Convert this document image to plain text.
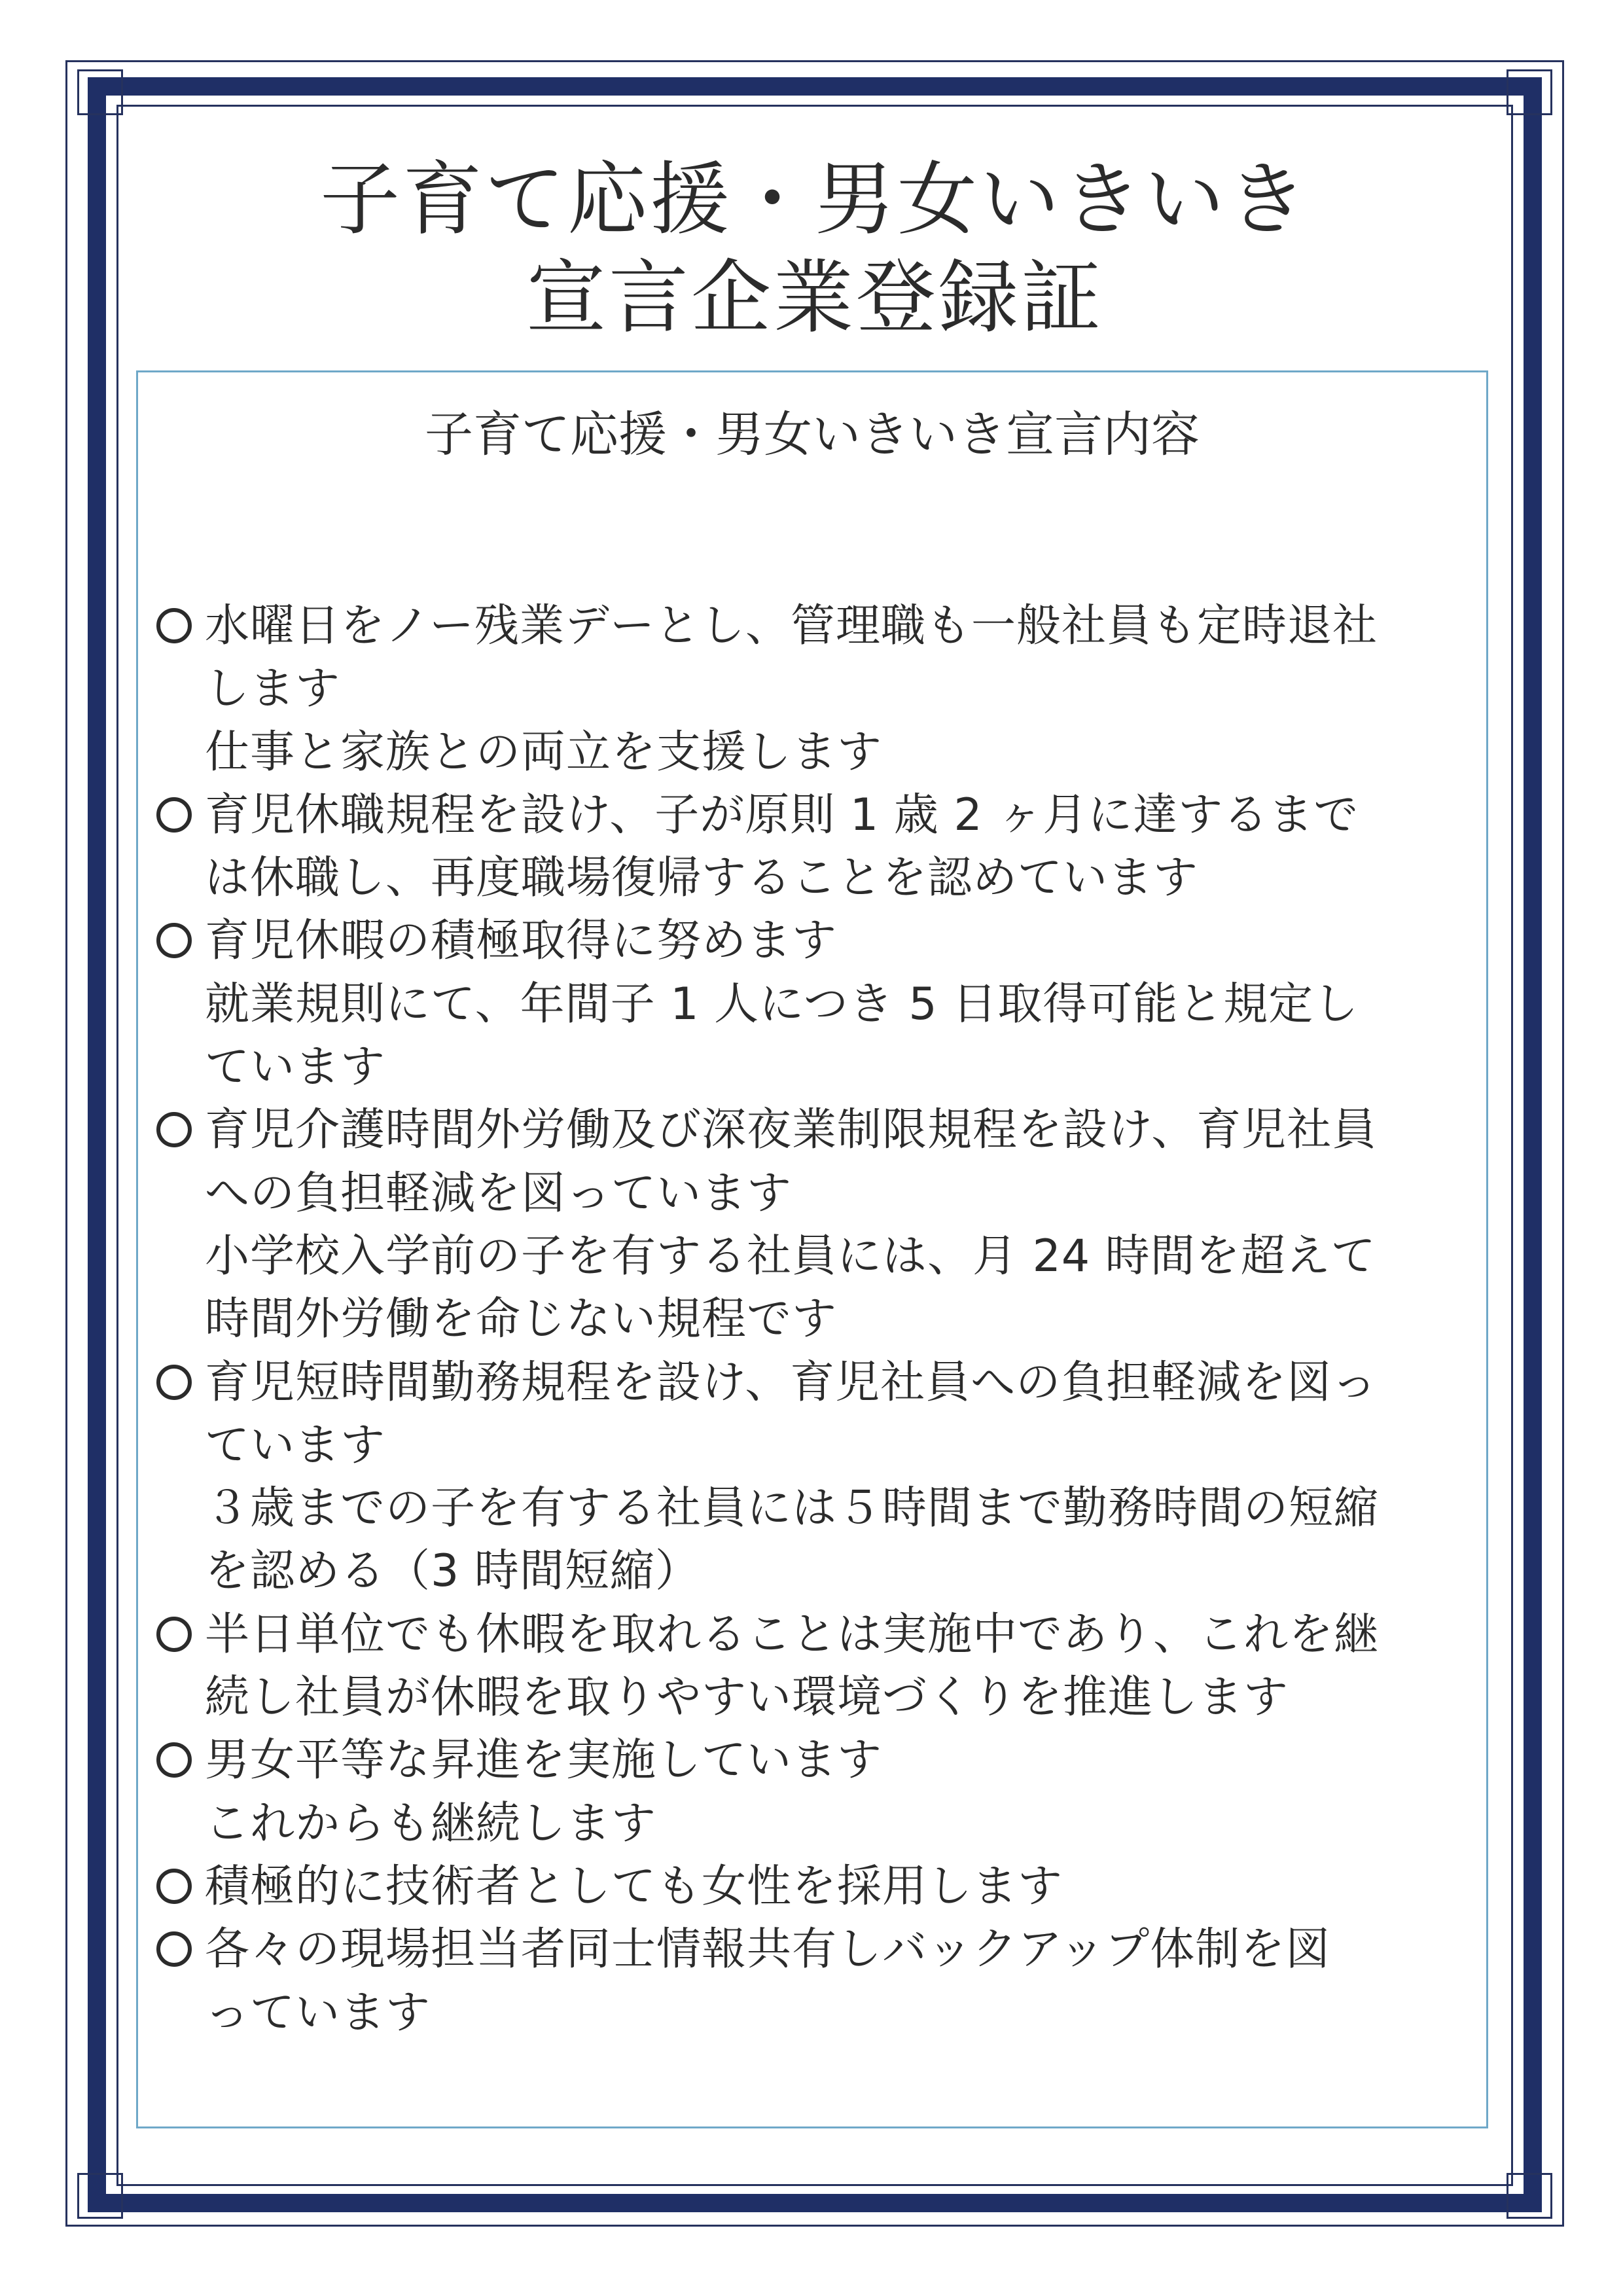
子育て応援・男女いきいき
宣言企業登録証
子育て応援・男女いきいき宣言内容
水曜日をノー残業デーとし、管理職も一般社員も定時退社
します
仕事と家族との両立を支援します
育児休職規程を設け、子が原則 1 歳 2 ヶ月に達するまで
は休職し、再度職場復帰することを認めています
育児休暇の積極取得に努めます
就業規則にて、年間子 1 人につき 5 日取得可能と規定し
ています
育児介護時間外労働及び深夜業制限規程を設け、育児社員
への負担軽減を図っています
小学校入学前の子を有する社員には、月 24 時間を超えて
時間外労働を命じない規程です
育児短時間勤務規程を設け、育児社員への負担軽減を図っ
ています
３歳までの子を有する社員には５時間まで勤務時間の短縮
を認める（3 時間短縮）
半日単位でも休暇を取れることは実施中であり、これを継
続し社員が休暇を取りやすい環境づくりを推進します
男女平等な昇進を実施しています
これからも継続します
積極的に技術者としても女性を採用します
各々の現場担当者同士情報共有しバックアップ体制を図
っています
